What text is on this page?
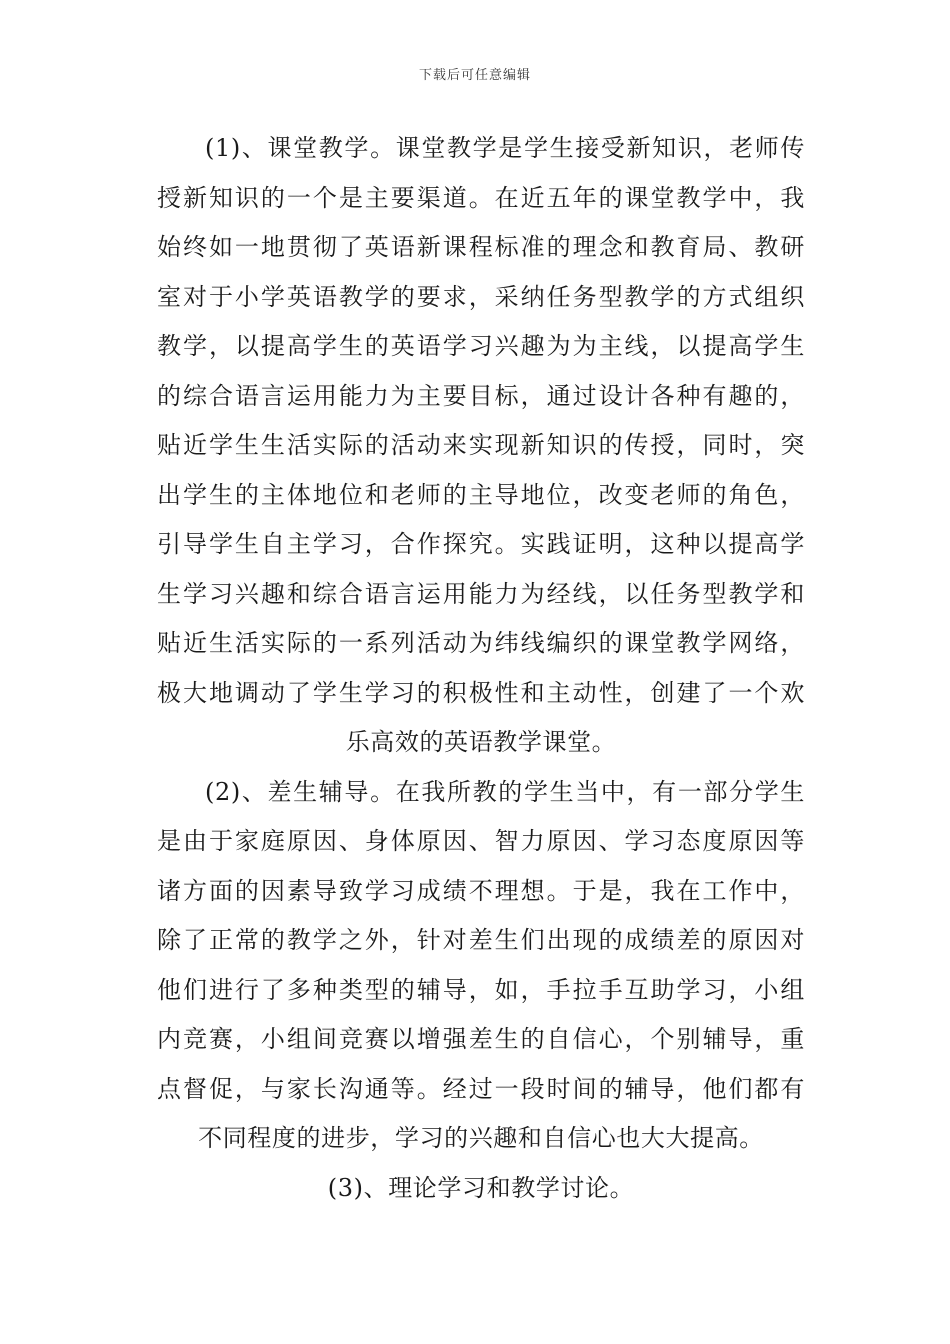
下载后可任意编辑
(1)、课堂教学。课堂教学是学生接受新知识，老师传
授新知识的一个是主要渠道。在近五年的课堂教学中，我
始终如一地贯彻了英语新课程标准的理念和教育局、教研
室对于小学英语教学的要求，采纳任务型教学的方式组织
教学，以提高学生的英语学习兴趣为为主线，以提高学生
的综合语言运用能力为主要目标，通过设计各种有趣的，
贴近学生生活实际的活动来实现新知识的传授，同时，突
出学生的主体地位和老师的主导地位，改变老师的角色，
引导学生自主学习，合作探究。实践证明，这种以提高学
生学习兴趣和综合语言运用能力为经线，以任务型教学和
贴近生活实际的一系列活动为纬线编织的课堂教学网络，
极大地调动了学生学习的积极性和主动性，创建了一个欢
乐高效的英语教学课堂。
(2)、差生辅导。在我所教的学生当中，有一部分学生
是由于家庭原因、身体原因、智力原因、学习态度原因等
诸方面的因素导致学习成绩不理想。于是，我在工作中，
除了正常的教学之外，针对差生们出现的成绩差的原因对
他们进行了多种类型的辅导，如，手拉手互助学习，小组
内竞赛，小组间竞赛以增强差生的自信心，个别辅导，重
点督促，与家长沟通等。经过一段时间的辅导，他们都有
不同程度的进步，学习的兴趣和自信心也大大提高。
(3)、理论学习和教学讨论。
